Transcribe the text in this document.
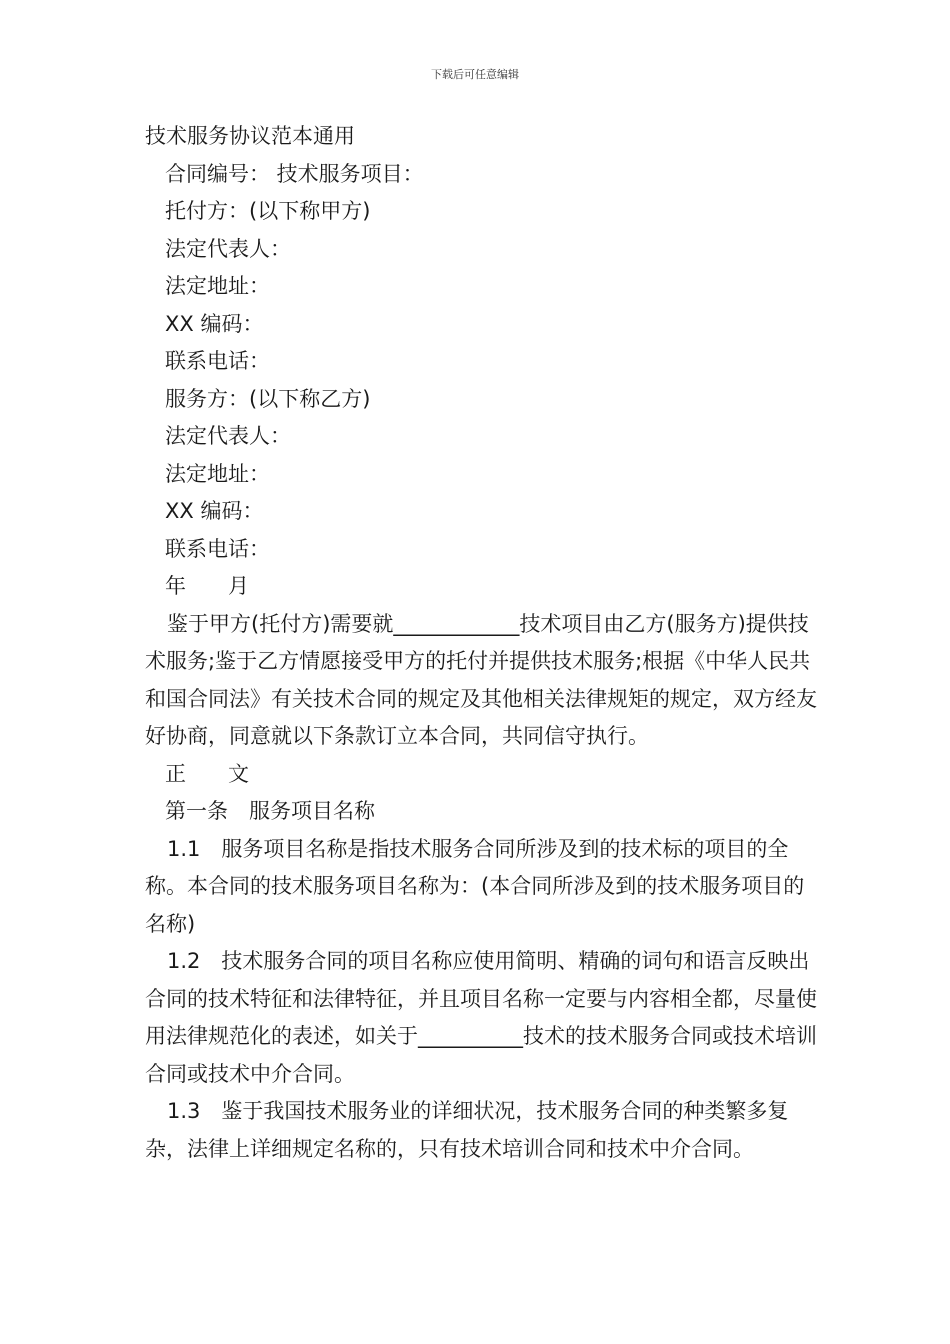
下载后可任意编辑
技术服务协议范本通用
合同编号： 技术服务项目：
托付方：(以下称甲方)
法定代表人：
法定地址：
XX 编码：
联系电话：
服务方：(以下称乙方)
法定代表人：
法定地址：
XX 编码：
联系电话：
年 月
鉴于甲方(托付方)需要就____________技术项目由乙方(服务方)提供技术服务;鉴于乙方情愿接受甲方的托付并提供技术服务;根据《中华人民共和国合同法》有关技术合同的规定及其他相关法律规矩的规定，双方经友好协商，同意就以下条款订立本合同，共同信守执行。
正 文
第一条　服务项目名称
1.1　服务项目名称是指技术服务合同所涉及到的技术标的项目的全称。本合同的技术服务项目名称为：(本合同所涉及到的技术服务项目的名称)
1.2　技术服务合同的项目名称应使用简明、精确的词句和语言反映出合同的技术特征和法律特征，并且项目名称一定要与内容相全都，尽量使用法律规范化的表述，如关于__________技术的技术服务合同或技术培训合同或技术中介合同。
1.3　鉴于我国技术服务业的详细状况，技术服务合同的种类繁多复杂，法律上详细规定名称的，只有技术培训合同和技术中介合同。
